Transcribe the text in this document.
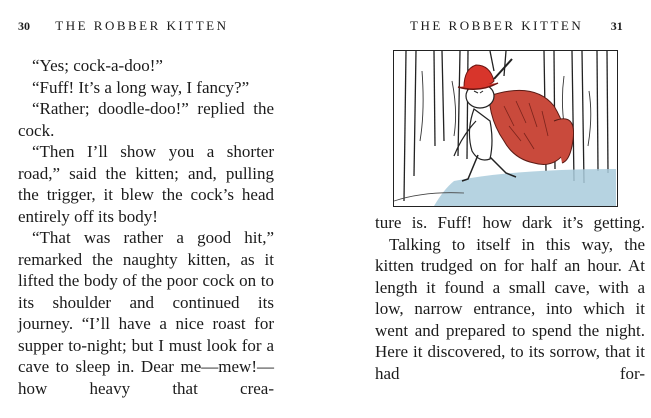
30 THE ROBBER KITTEN

“Yes; cock-a-doo!”

“Fuff! It’s a long way, I fancy?”

“Rather; doodle-doo!” replied the cock.

“Then I’ll show you a shorter road,” said the kitten; and, pulling the trigger, it blew the cock’s head entirely off its body!

“That was rather a good hit,” remarked the naughty kitten, as it lifted the body of the poor cock on to its shoulder and continued its journey. “I’ll have a nice roast for supper to-night; but I must look for a cave to sleep in. Dear me—mew!—how heavy that crea-

THE ROBBER KITTEN 31

ture is. Fuff! how dark it’s getting.

Talking to itself in this way, the kitten trudged on for half an hour. At length it found a small cave, with a low, narrow entrance, into which it went and prepared to spend the night. Here it discovered, to its sorrow, that it had for-
